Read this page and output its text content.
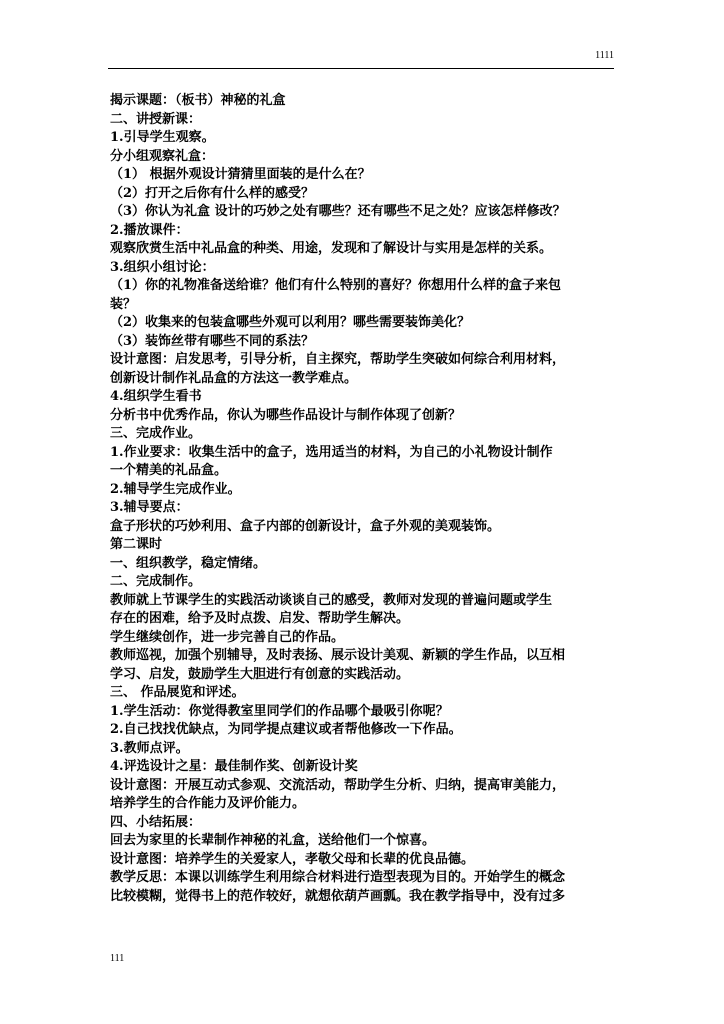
1111
揭示课题：（板书）神秘的礼盒
二、讲授新课：
1.引导学生观察。
分小组观察礼盒：
（1） 根据外观设计猜猜里面装的是什么在？
（2）打开之后你有什么样的感受？
（3）你认为礼盒 设计的巧妙之处有哪些？还有哪些不足之处？应该怎样修改？
2.播放课件：
观察欣赏生活中礼品盒的种类、用途，发现和了解设计与实用是怎样的关系。
3.组织小组讨论：
（1）你的礼物准备送给谁？他们有什么特别的喜好？你想用什么样的盒子来包
装？
（2）收集来的包装盒哪些外观可以利用？哪些需要装饰美化？
（3）装饰丝带有哪些不同的系法？
设计意图：启发思考，引导分析，自主探究，帮助学生突破如何综合利用材料，
创新设计制作礼品盒的方法这一教学难点。
4.组织学生看书
分析书中优秀作品，你认为哪些作品设计与制作体现了创新？
三、完成作业。
1.作业要求：收集生活中的盒子，选用适当的材料，为自己的小礼物设计制作
一个精美的礼品盒。
2.辅导学生完成作业。
3.辅导要点：
盒子形状的巧妙利用、盒子内部的创新设计，盒子外观的美观装饰。
第二课时
一、组织教学，稳定情绪。
二、完成制作。
教师就上节课学生的实践活动谈谈自己的感受，教师对发现的普遍问题或学生
存在的困难，给予及时点拨、启发、帮助学生解决。
学生继续创作，进一步完善自己的作品。
教师巡视，加强个别辅导，及时表扬、展示设计美观、新颖的学生作品，以互相
学习、启发，鼓励学生大胆进行有创意的实践活动。
三、 作品展览和评述。
1.学生活动：你觉得教室里同学们的作品哪个最吸引你呢？
2.自己找找优缺点，为同学提点建议或者帮他修改一下作品。
3.教师点评。
4.评选设计之星：最佳制作奖、创新设计奖
设计意图：开展互动式参观、交流活动，帮助学生分析、归纳，提高审美能力，
培养学生的合作能力及评价能力。
四、小结拓展：
回去为家里的长辈制作神秘的礼盒，送给他们一个惊喜。
设计意图：培养学生的关爱家人，孝敬父母和长辈的优良品德。
教学反思：本课以训练学生利用综合材料进行造型表现为目的。开始学生的概念
比较模糊，觉得书上的范作较好，就想依葫芦画瓢。我在教学指导中，没有过多
111
